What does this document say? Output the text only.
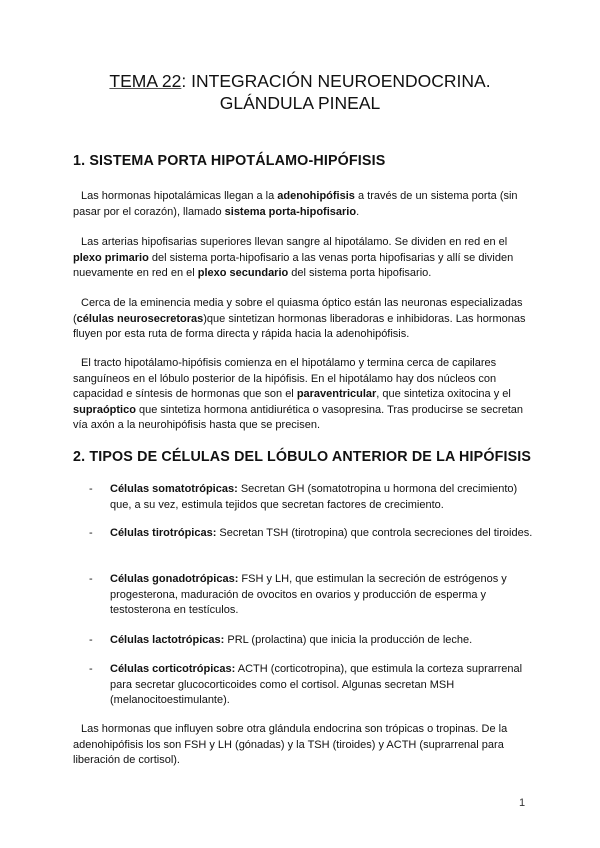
TEMA 22: INTEGRACIÓN NEUROENDOCRINA. GLÁNDULA PINEAL
1. SISTEMA PORTA HIPOTÁLAMO-HIPÓFISIS
Las hormonas hipotalámicas llegan a la adenohipófisis a través de un sistema porta (sin pasar por el corazón), llamado sistema porta-hipofisario.
Las arterias hipofisarias superiores llevan sangre al hipotálamo. Se dividen en red en el plexo primario del sistema porta-hipofisario a las venas porta hipofisarias y allí se dividen nuevamente en red en el plexo secundario del sistema porta hipofisario.
Cerca de la eminencia media y sobre el quiasma óptico están las neuronas especializadas (células neurosecretoras)que sintetizan hormonas liberadoras e inhibidoras. Las hormonas fluyen por esta ruta de forma directa y rápida hacia la adenohipófisis.
El tracto hipotálamo-hipófisis comienza en el hipotálamo y termina cerca de capilares sanguíneos en el lóbulo posterior de la hipófisis. En el hipotálamo hay dos núcleos con capacidad e síntesis de hormonas que son el paraventricular, que sintetiza oxitocina y el supraóptico que sintetiza hormona antidiurética o vasopresina. Tras producirse se secretan vía axón a la neurohipófisis hasta que se precisen.
2. TIPOS DE CÉLULAS DEL LÓBULO ANTERIOR DE LA HIPÓFISIS
- Células somatotrópicas: Secretan GH (somatotropina u hormona del crecimiento) que, a su vez, estimula tejidos que secretan factores de crecimiento.
- Células tirotrópicas: Secretan TSH (tirotropina) que controla secreciones del tiroides.
- Células gonadotrópicas: FSH y LH, que estimulan la secreción de estrógenos y progesterona, maduración de ovocitos en ovarios y producción de esperma y testosterona en testículos.
- Células lactotrópicas: PRL (prolactina) que inicia la producción de leche.
- Células corticotrópicas: ACTH (corticotropina), que estimula la corteza suprarrenal para secretar glucocorticoides como el cortisol. Algunas secretan MSH (melanocitoestimulante).
Las hormonas que influyen sobre otra glándula endocrina son trópicas o tropinas. De la adenohipófisis los son FSH y LH (gónadas) y la TSH (tiroides) y ACTH (suprarrenal para liberación de cortisol).
1
